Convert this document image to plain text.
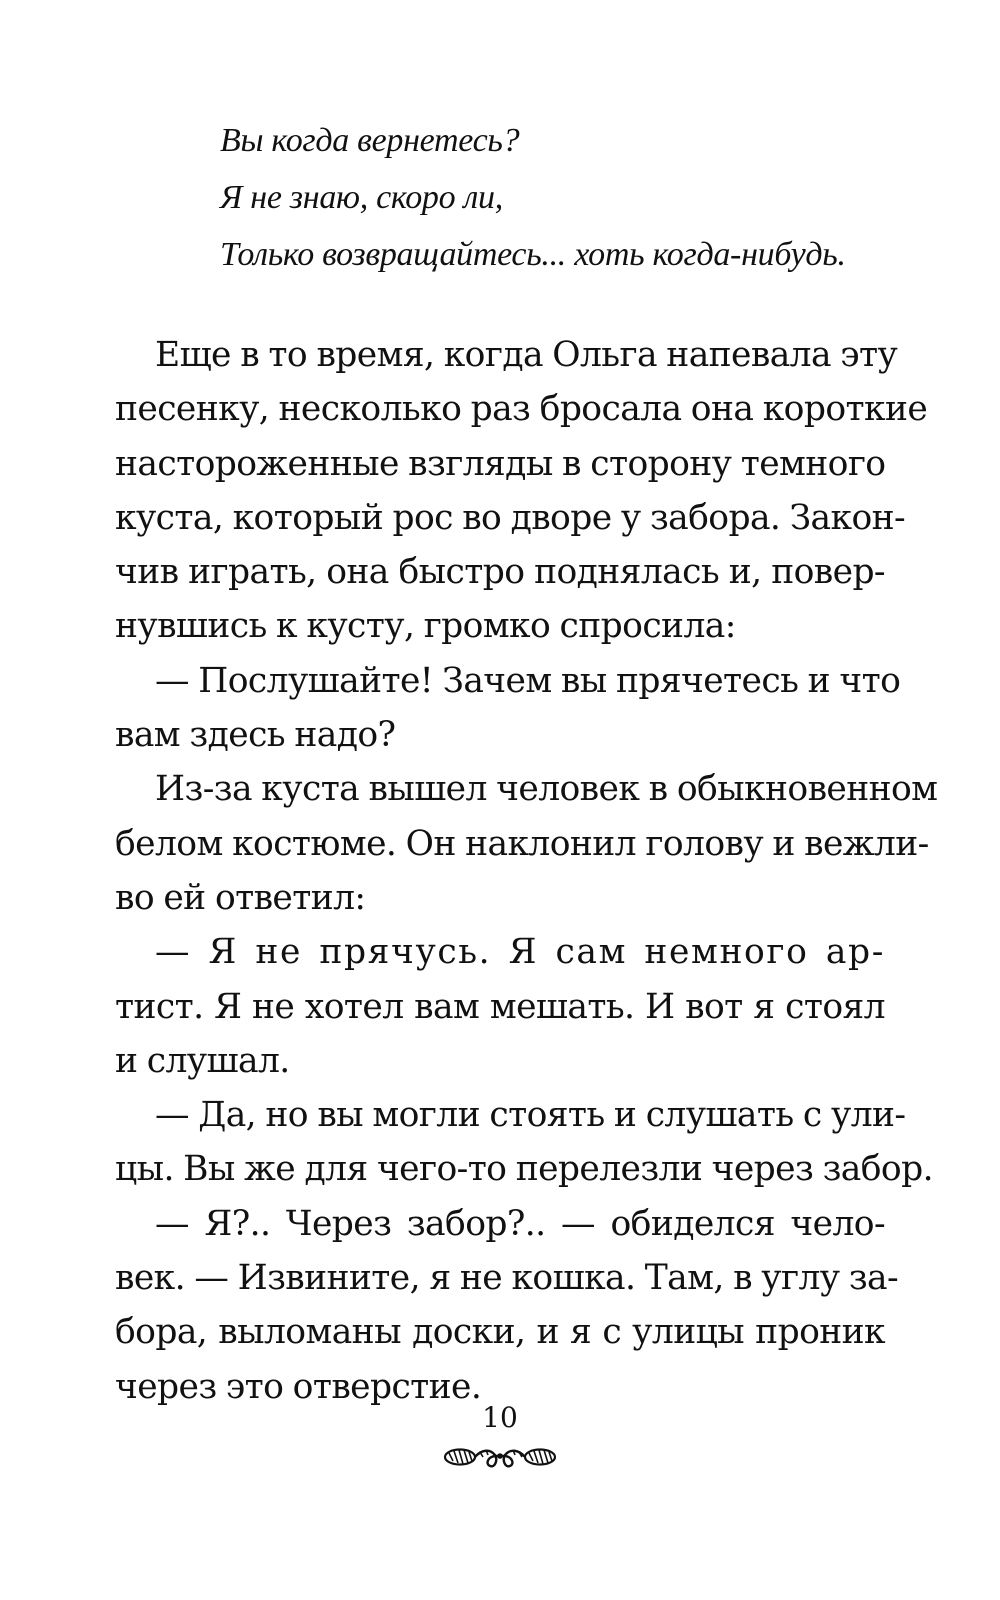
Вы когда вернетесь?
Я не знаю, скоро ли,
Только возвращайтесь... хоть когда-нибудь.
Еще в то время, когда Ольга напевала эту
песенку, несколько раз бросала она короткие
настороженные взгляды в сторону темного
куста, который рос во дворе у забора. Закон-
чив играть, она быстро поднялась и, повер-
нувшись к кусту, громко спросила:
— Послушайте! Зачем вы прячетесь и что
вам здесь надо?
Из-за куста вышел человек в обыкновенном
белом костюме. Он наклонил голову и вежли-
во ей ответил:
— Я не прячусь. Я сам немного ар-
тист. Я не хотел вам мешать. И вот я стоял
и слушал.
— Да, но вы могли стоять и слушать с ули-
цы. Вы же для чего-то перелезли через забор.
— Я?.. Через забор?.. — обиделся чело-
век. — Извините, я не кошка. Там, в углу за-
бора, выломаны доски, и я с улицы проник
через это отверстие.
10
